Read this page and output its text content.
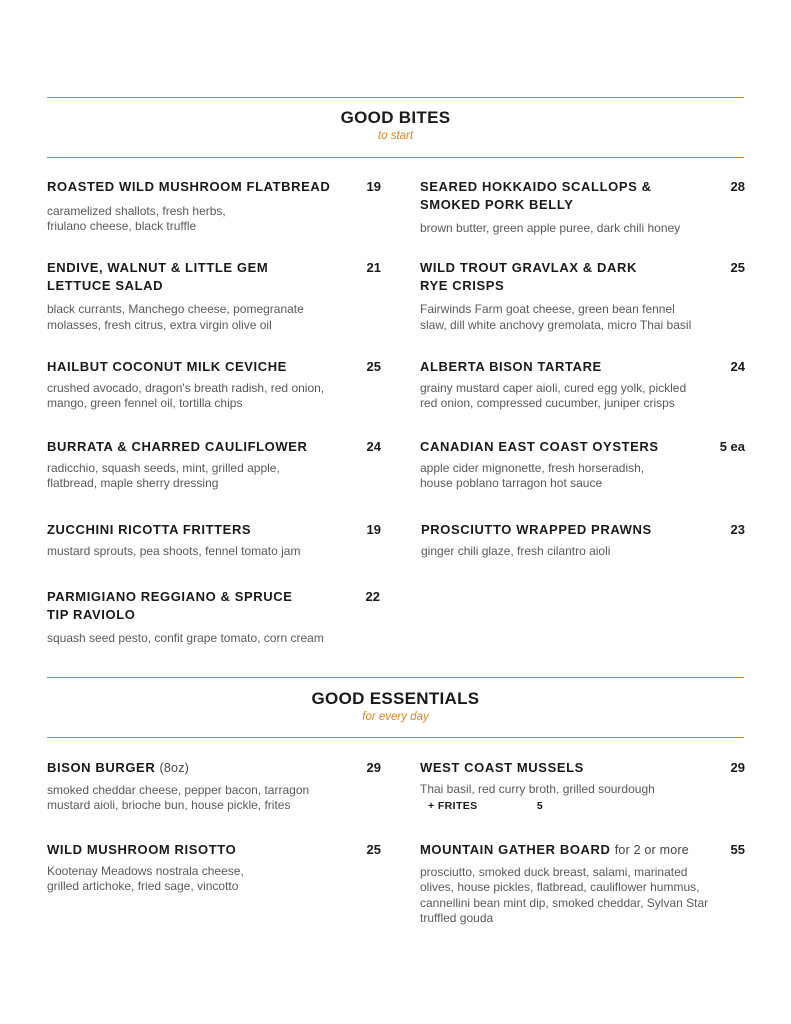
GOOD BITES
to start
ROASTED WILD MUSHROOM FLATBREAD	19
caramelized shallots, fresh herbs,
friulano cheese, black truffle
ENDIVE, WALNUT & LITTLE GEM
LETTUCE SALAD
21
black currants, Manchego cheese, pomegranate
molasses, fresh citrus, extra virgin olive oil
HAILBUT COCONUT MILK CEVICHE	25
crushed avocado, dragon's breath radish, red onion,
mango, green fennel oil, tortilla chips
BURRATA & CHARRED CAULIFLOWER	24
radicchio, squash seeds, mint, grilled apple,
flatbread, maple sherry dressing
ZUCCHINI RICOTTA FRITTERS	19
mustard sprouts, pea shoots, fennel tomato jam
PARMIGIANO REGGIANO & SPRUCE
TIP RAVIOLO
22
squash seed pesto, confit grape tomato, corn cream
SEARED HOKKAIDO SCALLOPS &
SMOKED PORK BELLY
28
brown butter, green apple puree, dark chili honey
WILD TROUT GRAVLAX & DARK
RYE CRISPS
25
Fairwinds Farm goat cheese, green bean fennel
slaw, dill white anchovy gremolata, micro Thai basil
ALBERTA BISON TARTARE	24
grainy mustard caper aioli, cured egg yolk, pickled
red onion, compressed cucumber, juniper crisps
CANADIAN EAST COAST OYSTERS	5 ea
apple cider mignonette, fresh horseradish,
house poblano tarragon hot sauce
PROSCIUTTO WRAPPED PRAWNS	23
ginger chili glaze, fresh cilantro aioli
GOOD ESSENTIALS
for every day
BISON BURGER (8oz)	29
smoked cheddar cheese, pepper bacon, tarragon
mustard aioli, brioche bun, house pickle, frites
WILD MUSHROOM RISOTTO	25
Kootenay Meadows nostrala cheese,
grilled artichoke, fried sage, vincotto
WEST COAST MUSSELS	29
Thai basil, red curry broth, grilled sourdough
+ FRITES	5
MOUNTAIN GATHER BOARD for 2 or more	55
prosciutto, smoked duck breast, salami, marinated
olives, house pickles, flatbread, cauliflower hummus,
cannellini bean mint dip, smoked cheddar, Sylvan Star
truffled gouda
